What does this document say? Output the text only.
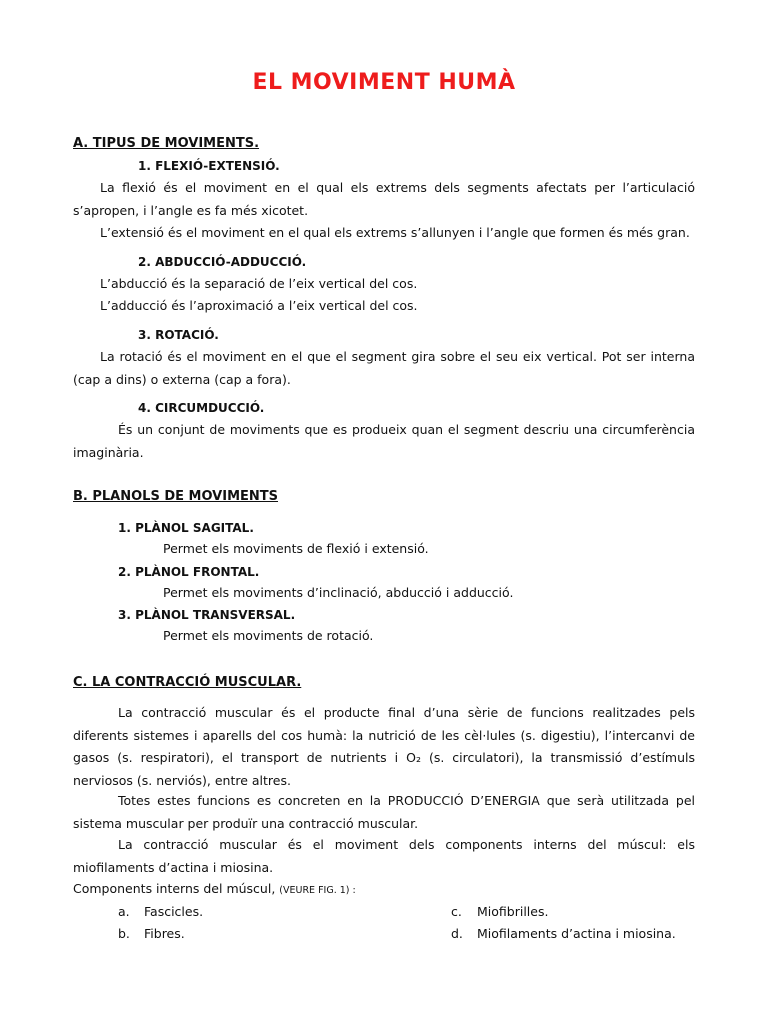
EL MOVIMENT HUMÀ
A. TIPUS DE MOVIMENTS.
1. FLEXIÓ-EXTENSIÓ.
La flexió és el moviment en el qual els extrems dels segments afectats per l’articulació s’apropen, i l’angle es fa més xicotet.
L’extensió és el moviment en el qual els extrems s’allunyen i l’angle que formen és més gran.
2. ABDUCCIÓ-ADDUCCIÓ.
L’abducció és la separació de l’eix vertical del cos.
L’adducció és l’aproximació a l’eix vertical del cos.
3. ROTACIÓ.
La rotació és el moviment en el que el segment gira sobre el seu eix vertical. Pot ser interna (cap a dins) o externa (cap a fora).
4. CIRCUMDUCCIÓ.
És un conjunt de moviments que es produeix quan el segment descriu una circumferència imaginària.
B. PLANOLS DE MOVIMENTS
1. PLÀNOL SAGITAL.
Permet els moviments de flexió i extensió.
2. PLÀNOL FRONTAL.
Permet els moviments d’inclinació, abducció i adducció.
3. PLÀNOL TRANSVERSAL.
Permet els moviments de rotació.
C. LA CONTRACCIÓ MUSCULAR.
La contracció muscular és el producte final d’una sèrie de funcions realitzades pels diferents sistemes i aparells del cos humà: la nutrició de les cèl·lules (s. digestiu), l’intercanvi de gasos (s. respiratori), el transport de nutrients i O₂ (s. circulatori), la transmissió d’estímuls nerviosos (s. nerviós), entre altres.
Totes estes funcions es concreten en la PRODUCCIÓ D’ENERGIA que serà utilitzada pel sistema muscular per produïr una contracció muscular.
La contracció muscular és el moviment dels components interns del múscul: els miofilaments d’actina i miosina.
Components interns del múscul, (VEURE FIG. 1) :
a. Fascicles.
b. Fibres.
c. Miofibrilles.
d. Miofilaments d’actina i miosina.
